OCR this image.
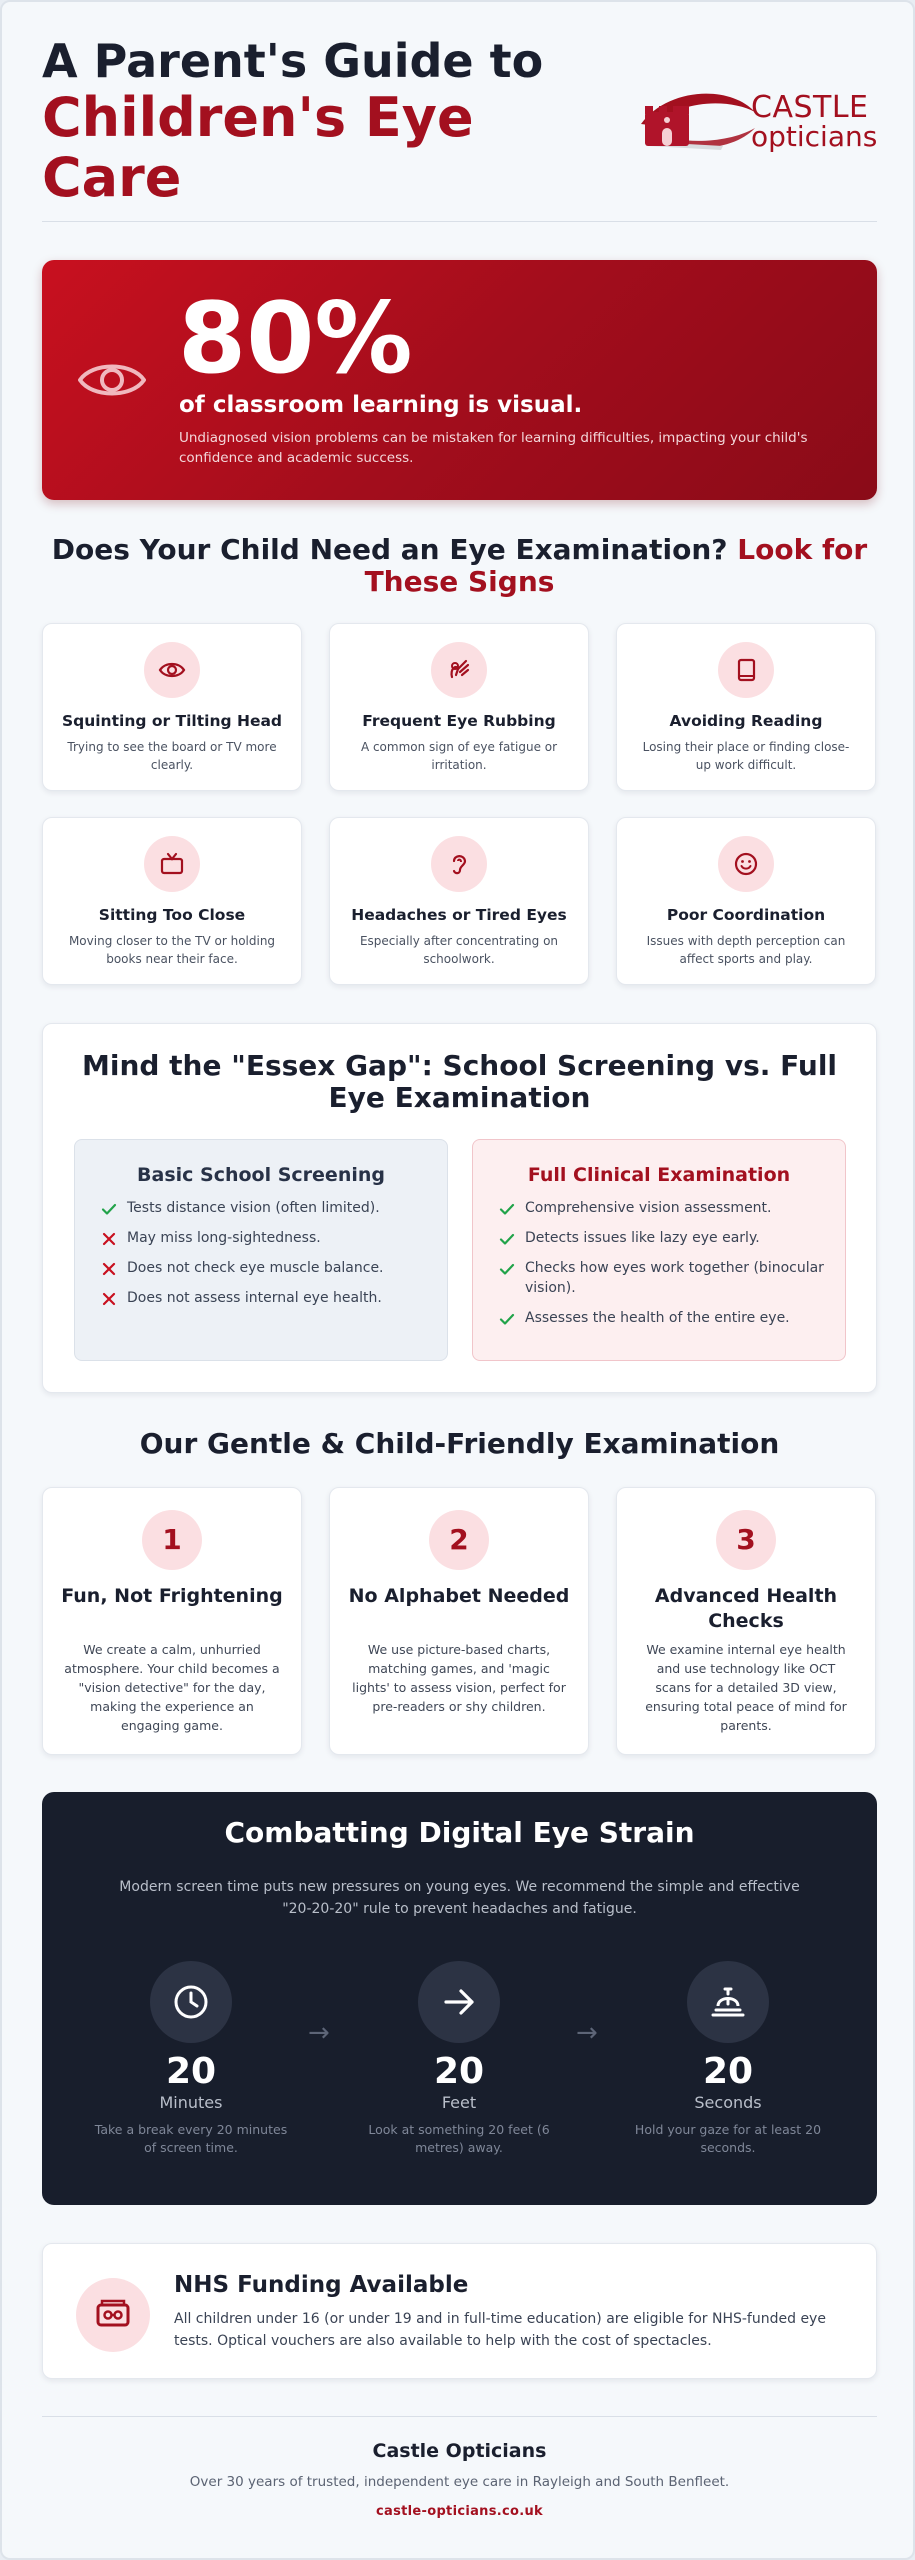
A Parent's Guide to
Children's Eye
Care
CASTLE
opticians
80%
of classroom learning is visual.
Undiagnosed vision problems can be mistaken for learning difficulties, impacting your child's confidence and academic success.
Does Your Child Need an Eye Examination? Look for These Signs
Squinting or Tilting Head

Trying to see the board or TV more clearly.

Frequent Eye Rubbing

A common sign of eye fatigue or irritation.

Avoiding Reading

Losing their place or finding close-up work difficult.

Sitting Too Close

Moving closer to the TV or holding books near their face.

Headaches or Tired Eyes

Especially after concentrating on schoolwork.

Poor Coordination

Issues with depth perception can affect sports and play.

Mind the "Essex Gap": School Screening vs. Full Eye Examination
Basic School Screening
Tests distance vision (often limited).
May miss long-sightedness.
Does not check eye muscle balance.
Does not assess internal eye health.
Full Clinical Examination
Comprehensive vision assessment.
Detects issues like lazy eye early.
Checks how eyes work together (binocular vision).
Assesses the health of the entire eye.
Our Gentle & Child-Friendly Examination
1
Fun, Not Frightening

We create a calm, unhurried atmosphere. Your child becomes a "vision detective" for the day, making the experience an engaging game.

2
No Alphabet Needed

We use picture-based charts, matching games, and 'magic lights' to assess vision, perfect for pre-readers or shy children.

3
Advanced Health Checks

We examine internal eye health and use technology like OCT scans for a detailed 3D view, ensuring total peace of mind for parents.

Combatting Digital Eye Strain
Modern screen time puts new pressures on young eyes. We recommend the simple and effective "20-20-20" rule to prevent headaches and fatigue.
20
Minutes
Take a break every 20 minutes of screen time.
→
20
Feet
Look at something 20 feet (6 metres) away.
→
20
Seconds
Hold your gaze for at least 20 seconds.
NHS Funding Available

All children under 16 (or under 19 and in full-time education) are eligible for NHS-funded eye tests. Optical vouchers are also available to help with the cost of spectacles.

Castle Opticians
Over 30 years of trusted, independent eye care in Rayleigh and South Benfleet.
castle-opticians.co.uk
